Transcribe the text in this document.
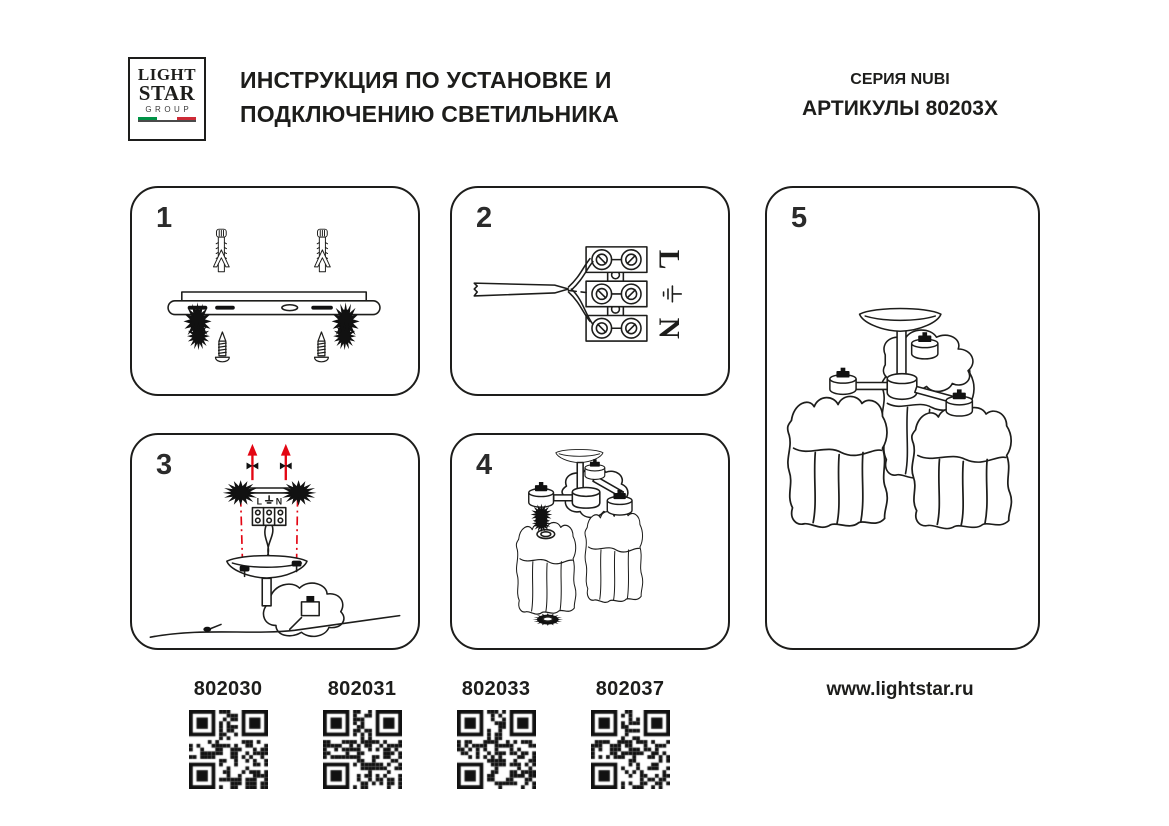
LIGHT
STAR
GROUP
ИНСТРУКЦИЯ ПО УСТАНОВКЕ И
ПОДКЛЮЧЕНИЮ СВЕТИЛЬНИКА
СЕРИЯ NUBI
АРТИКУЛЫ 80203X
1	2
L
N
3
L N
4
5
802030	802031	802033	802037	www.lightstar.ru
